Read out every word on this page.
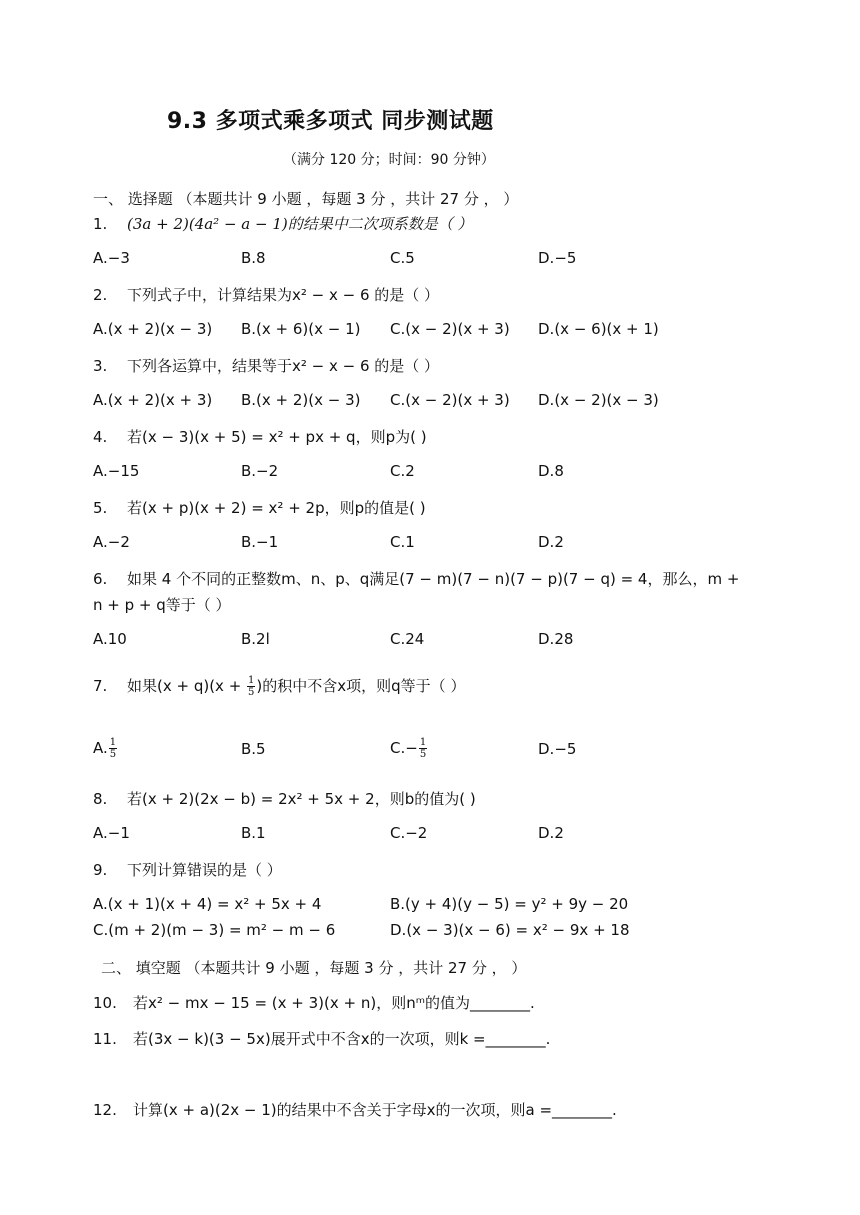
9.3 多项式乘多项式 同步测试题
（满分 120 分；时间：90 分钟）
一、 选择题 （本题共计 9 小题 ，每题 3 分 ，共计 27 分 ， ）
1. (3a + 2)(4a² − a − 1)的结果中二次项系数是（ ）
A.−3	B.8	C.5	D.−5
2. 下列式子中，计算结果为x² − x − 6 的是（ ）
A.(x + 2)(x − 3) B.(x + 6)(x − 1) C.(x − 2)(x + 3) D.(x − 6)(x + 1)
3. 下列各运算中，结果等于x² − x − 6 的是（ ）
A.(x + 2)(x + 3) B.(x + 2)(x − 3) C.(x − 2)(x + 3) D.(x − 2)(x − 3)
4. 若(x − 3)(x + 5) = x² + px + q，则p为( )
A.−15	B.−2	C.2	D.8
5. 若(x + p)(x + 2) = x² + 2p，则p的值是( )
A.−2	B.−1	C.1	D.2
6. 如果 4 个不同的正整数m、n、p、q满足(7 − m)(7 − n)(7 − p)(7 − q) = 4，那么，m +
n + p + q等于（ ）
A.10	B.2l	C.24	D.28
7. 如果$(x + q)(x + \frac{1}{5}$ )的积中不含x项，则q等于（ ）
A. $\frac{1}{5}$	B.5	$C.- \frac{1}{5}$	D.−5
8. 若(x + 2)(2x − b) = 2x² + 5x + 2，则b的值为( )
A.−1	B.1	C.−2	D.2
9. 下列计算错误的是（ ）
A.(x + 1)(x + 4) = x² + 5x + 4	B.(y + 4)(y − 5) = y² + 9y − 20
C.(m + 2)(m − 3) = m² − m − 6	D.(x − 3)(x − 6) = x² − 9x + 18
二、 填空题 （本题共计 9 小题 ，每题 3 分 ，共计 27 分 ， ）
10. 若x² − mx − 15 = (x + 3)(x + n)，则nᵐ的值为________.
11. 若(3x − k)(3 − 5x)展开式中不含x的一次项，则k =________.
12. 计算(x + a)(2x − 1)的结果中不含关于字母x的一次项，则a =________.
